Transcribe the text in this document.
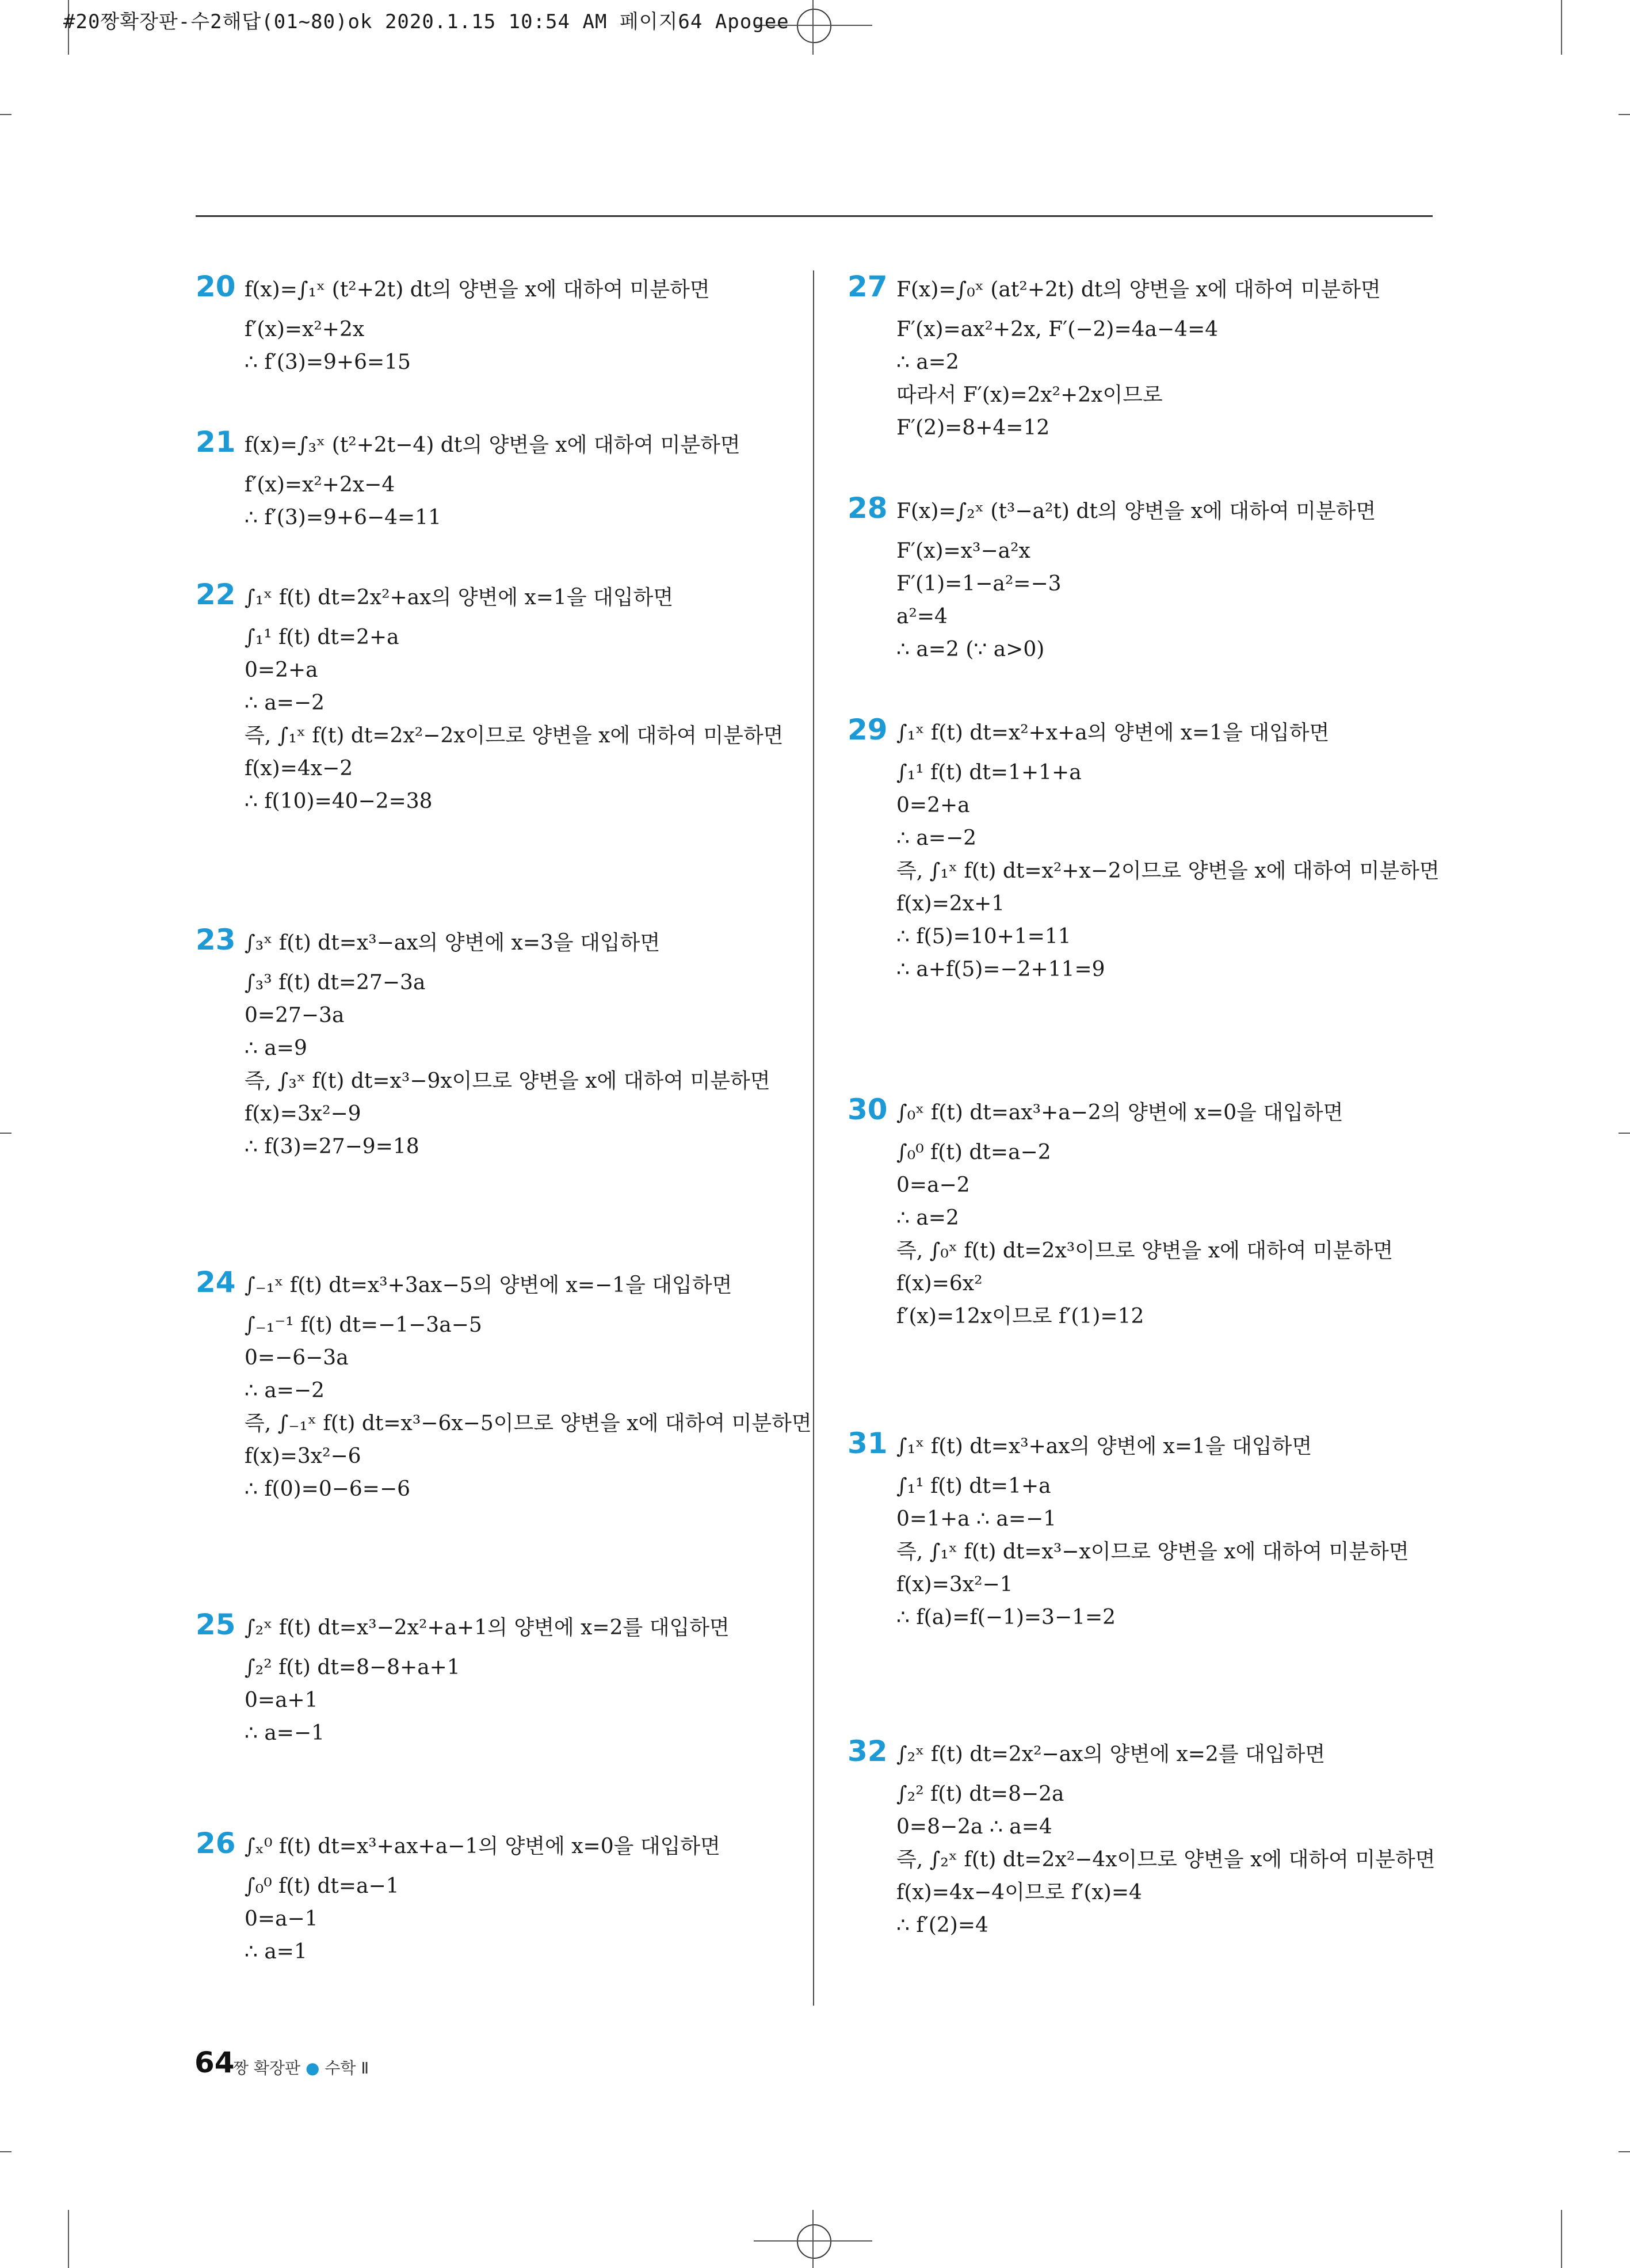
#20짱확장판-수2해답(01~80)ok 2020.1.15 10:54 AM 페이지64 Apogee
64
짱 확장판 ● 수학 Ⅱ
20 f(x)=∫₁ˣ (t²+2t) dt의 양변을 x에 대하여 미분하면
f′(x)=x²+2x
∴ f′(3)=9+6=15
21 f(x)=∫₃ˣ (t²+2t−4) dt의 양변을 x에 대하여 미분하면
f′(x)=x²+2x−4
∴ f′(3)=9+6−4=11
22 ∫₁ˣ f(t) dt=2x²+ax의 양변에 x=1을 대입하면
∫₁¹ f(t) dt=2+a
0=2+a
∴ a=−2
즉, ∫₁ˣ f(t) dt=2x²−2x이므로 양변을 x에 대하여 미분하면
f(x)=4x−2
∴ f(10)=40−2=38
23 ∫₃ˣ f(t) dt=x³−ax의 양변에 x=3을 대입하면
∫₃³ f(t) dt=27−3a
0=27−3a
∴ a=9
즉, ∫₃ˣ f(t) dt=x³−9x이므로 양변을 x에 대하여 미분하면
f(x)=3x²−9
∴ f(3)=27−9=18
24 ∫₋₁ˣ f(t) dt=x³+3ax−5의 양변에 x=−1을 대입하면
∫₋₁⁻¹ f(t) dt=−1−3a−5
0=−6−3a
∴ a=−2
즉, ∫₋₁ˣ f(t) dt=x³−6x−5이므로 양변을 x에 대하여 미분하면
f(x)=3x²−6
∴ f(0)=0−6=−6
25 ∫₂ˣ f(t) dt=x³−2x²+a+1의 양변에 x=2를 대입하면
∫₂² f(t) dt=8−8+a+1
0=a+1
∴ a=−1
26 ∫ₓ⁰ f(t) dt=x³+ax+a−1의 양변에 x=0을 대입하면
∫₀⁰ f(t) dt=a−1
0=a−1
∴ a=1
27 F(x)=∫₀ˣ (at²+2t) dt의 양변을 x에 대하여 미분하면
F′(x)=ax²+2x, F′(−2)=4a−4=4
∴ a=2
따라서 F′(x)=2x²+2x이므로
F′(2)=8+4=12
28 F(x)=∫₂ˣ (t³−a²t) dt의 양변을 x에 대하여 미분하면
F′(x)=x³−a²x
F′(1)=1−a²=−3
a²=4
∴ a=2 (∵ a>0)
29 ∫₁ˣ f(t) dt=x²+x+a의 양변에 x=1을 대입하면
∫₁¹ f(t) dt=1+1+a
0=2+a
∴ a=−2
즉, ∫₁ˣ f(t) dt=x²+x−2이므로 양변을 x에 대하여 미분하면
f(x)=2x+1
∴ f(5)=10+1=11
∴ a+f(5)=−2+11=9
30 ∫₀ˣ f(t) dt=ax³+a−2의 양변에 x=0을 대입하면
∫₀⁰ f(t) dt=a−2
0=a−2
∴ a=2
즉, ∫₀ˣ f(t) dt=2x³이므로 양변을 x에 대하여 미분하면
f(x)=6x²
f′(x)=12x이므로 f′(1)=12
31 ∫₁ˣ f(t) dt=x³+ax의 양변에 x=1을 대입하면
∫₁¹ f(t) dt=1+a
0=1+a ∴ a=−1
즉, ∫₁ˣ f(t) dt=x³−x이므로 양변을 x에 대하여 미분하면
f(x)=3x²−1
∴ f(a)=f(−1)=3−1=2
32 ∫₂ˣ f(t) dt=2x²−ax의 양변에 x=2를 대입하면
∫₂² f(t) dt=8−2a
0=8−2a ∴ a=4
즉, ∫₂ˣ f(t) dt=2x²−4x이므로 양변을 x에 대하여 미분하면
f(x)=4x−4이므로 f′(x)=4
∴ f′(2)=4
